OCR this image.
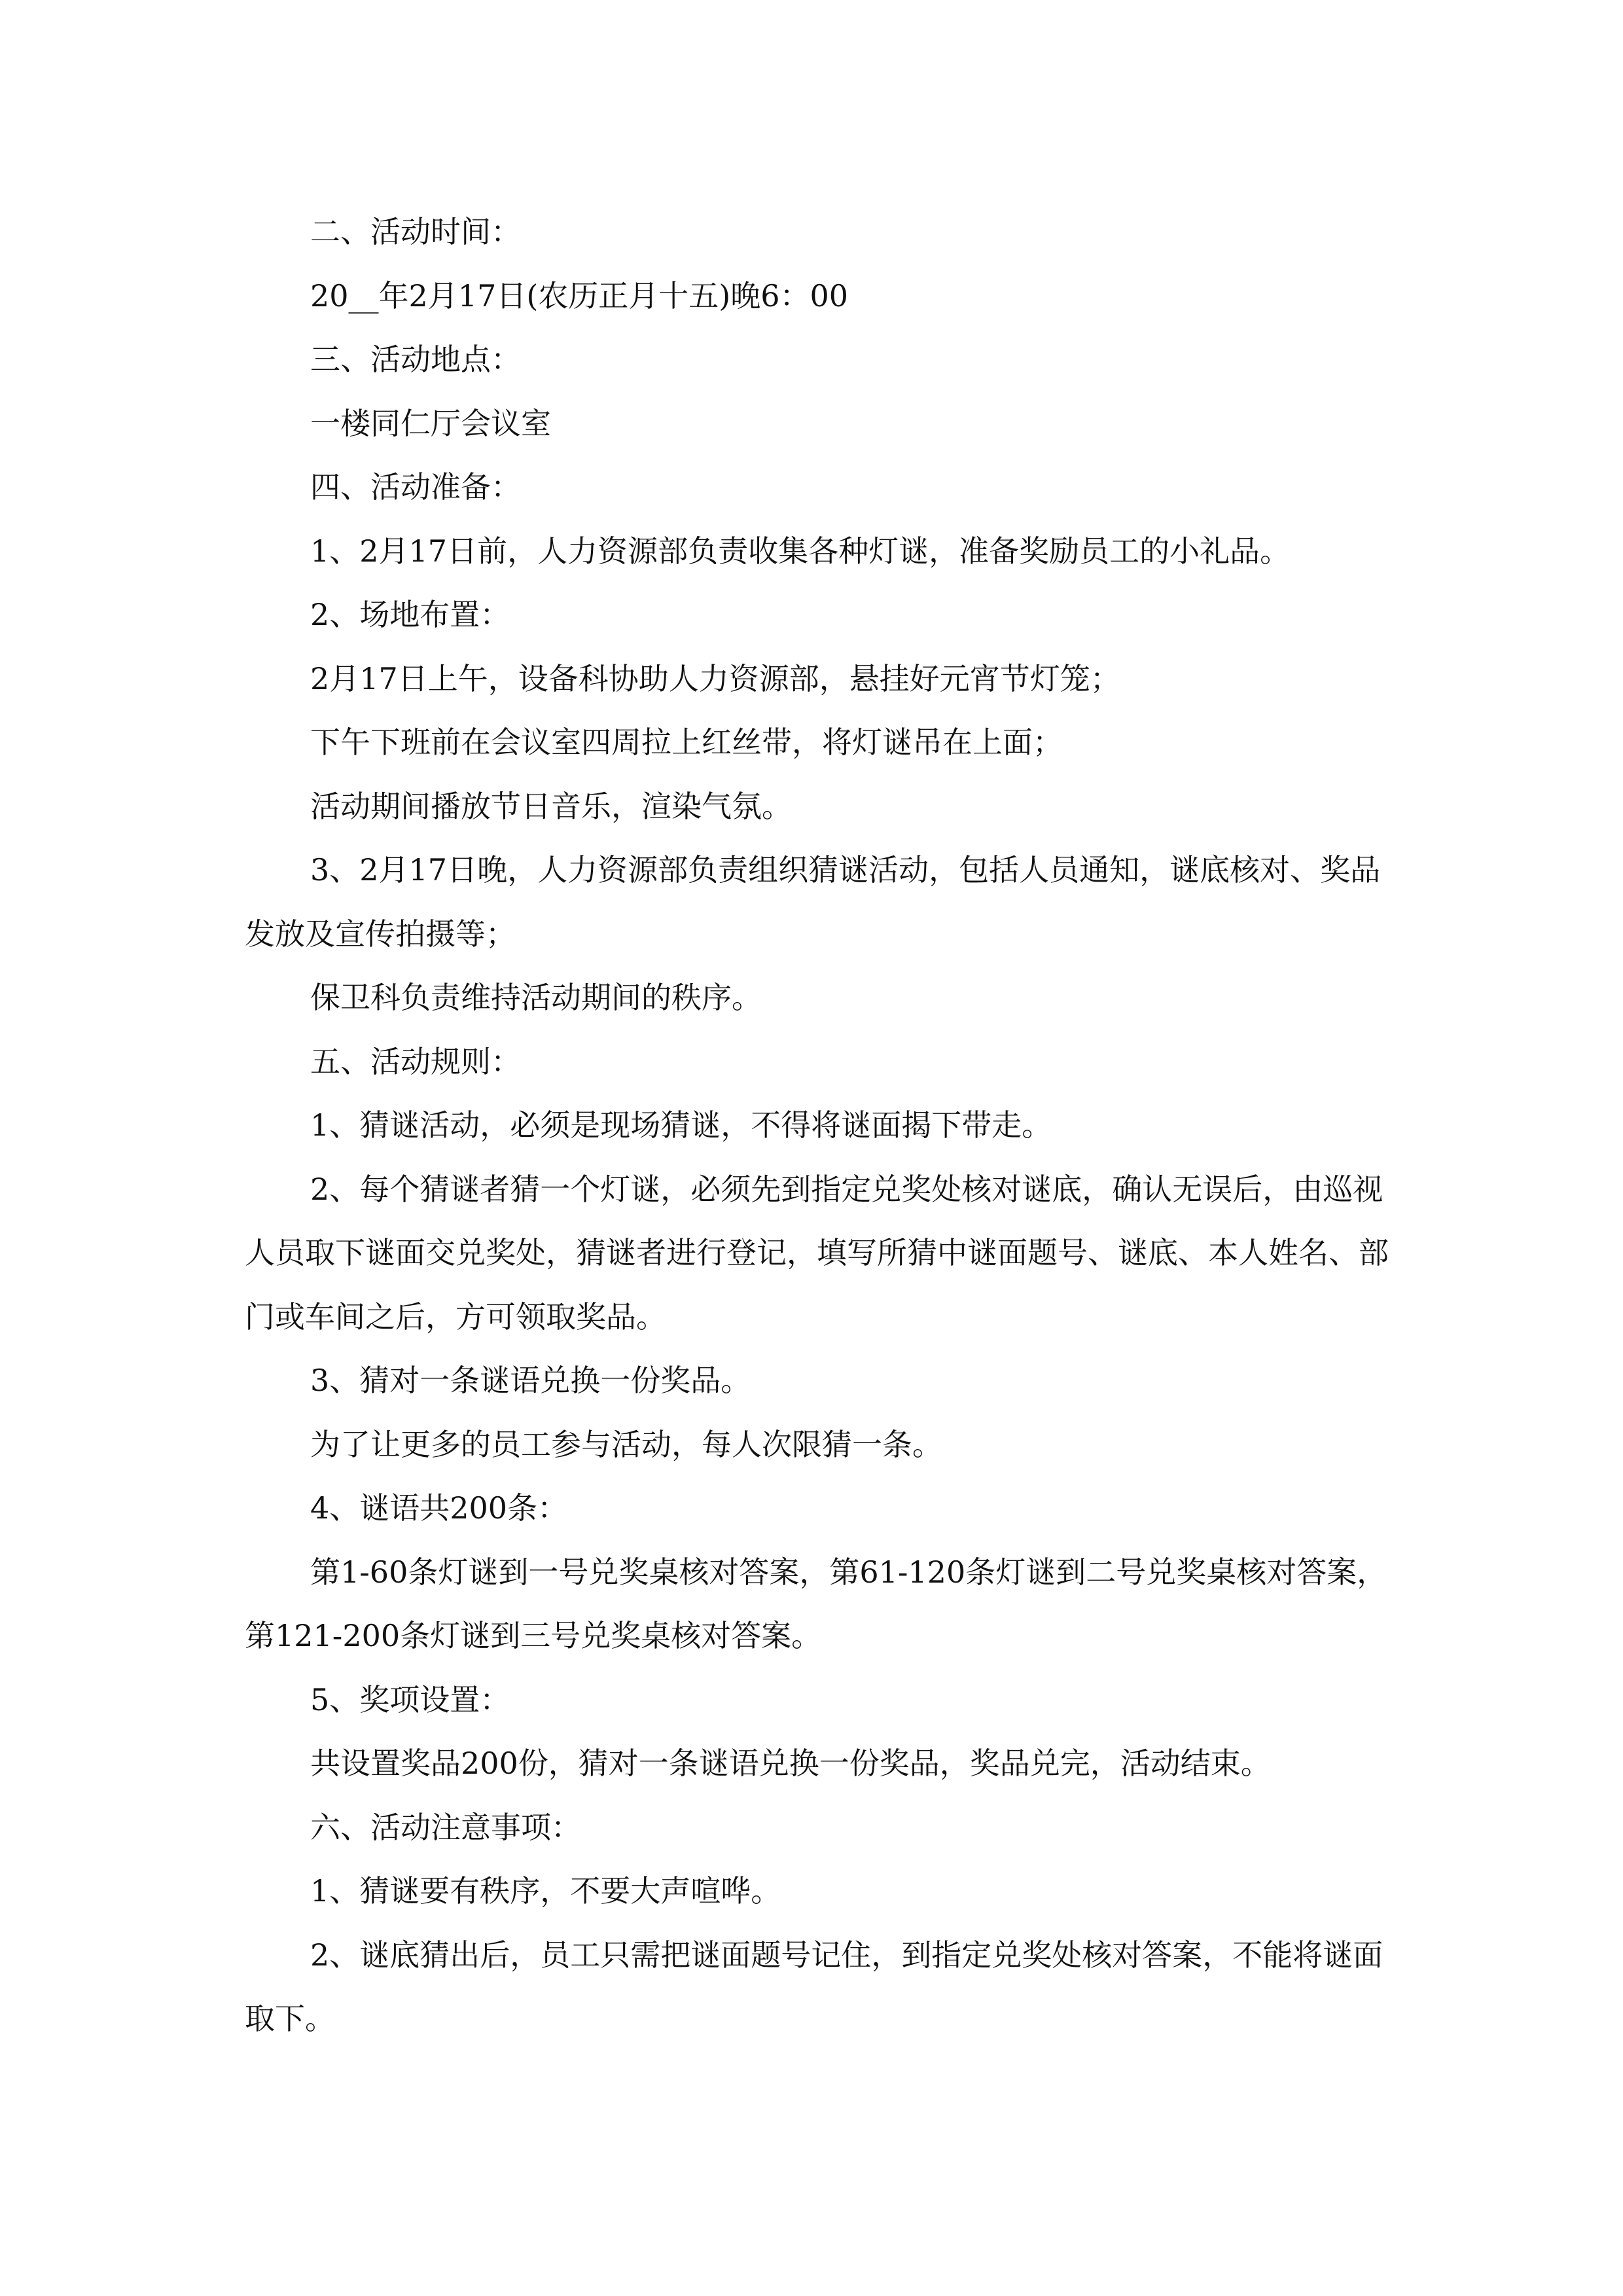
二、活动时间：

20__年2月17日(农历正月十五)晚6：00

三、活动地点：

一楼同仁厅会议室

四、活动准备：

1、2月17日前，人力资源部负责收集各种灯谜，准备奖励员工的小礼品。

2、场地布置：

2月17日上午，设备科协助人力资源部，悬挂好元宵节灯笼；

下午下班前在会议室四周拉上红丝带，将灯谜吊在上面；

活动期间播放节日音乐，渲染气氛。

3、2月17日晚，人力资源部负责组织猜谜活动，包括人员通知，谜底核对、奖品发放及宣传拍摄等；

保卫科负责维持活动期间的秩序。

五、活动规则：

1、猜谜活动，必须是现场猜谜，不得将谜面揭下带走。

2、每个猜谜者猜一个灯谜，必须先到指定兑奖处核对谜底，确认无误后，由巡视人员取下谜面交兑奖处，猜谜者进行登记，填写所猜中谜面题号、谜底、本人姓名、部门或车间之后，方可领取奖品。

3、猜对一条谜语兑换一份奖品。

为了让更多的员工参与活动，每人次限猜一条。

4、谜语共200条：

第1-60条灯谜到一号兑奖桌核对答案，第61-120条灯谜到二号兑奖桌核对答案，第121-200条灯谜到三号兑奖桌核对答案。

5、奖项设置：

共设置奖品200份，猜对一条谜语兑换一份奖品，奖品兑完，活动结束。

六、活动注意事项：

1、猜谜要有秩序，不要大声喧哗。

2、谜底猜出后，员工只需把谜面题号记住，到指定兑奖处核对答案，不能将谜面取下。
